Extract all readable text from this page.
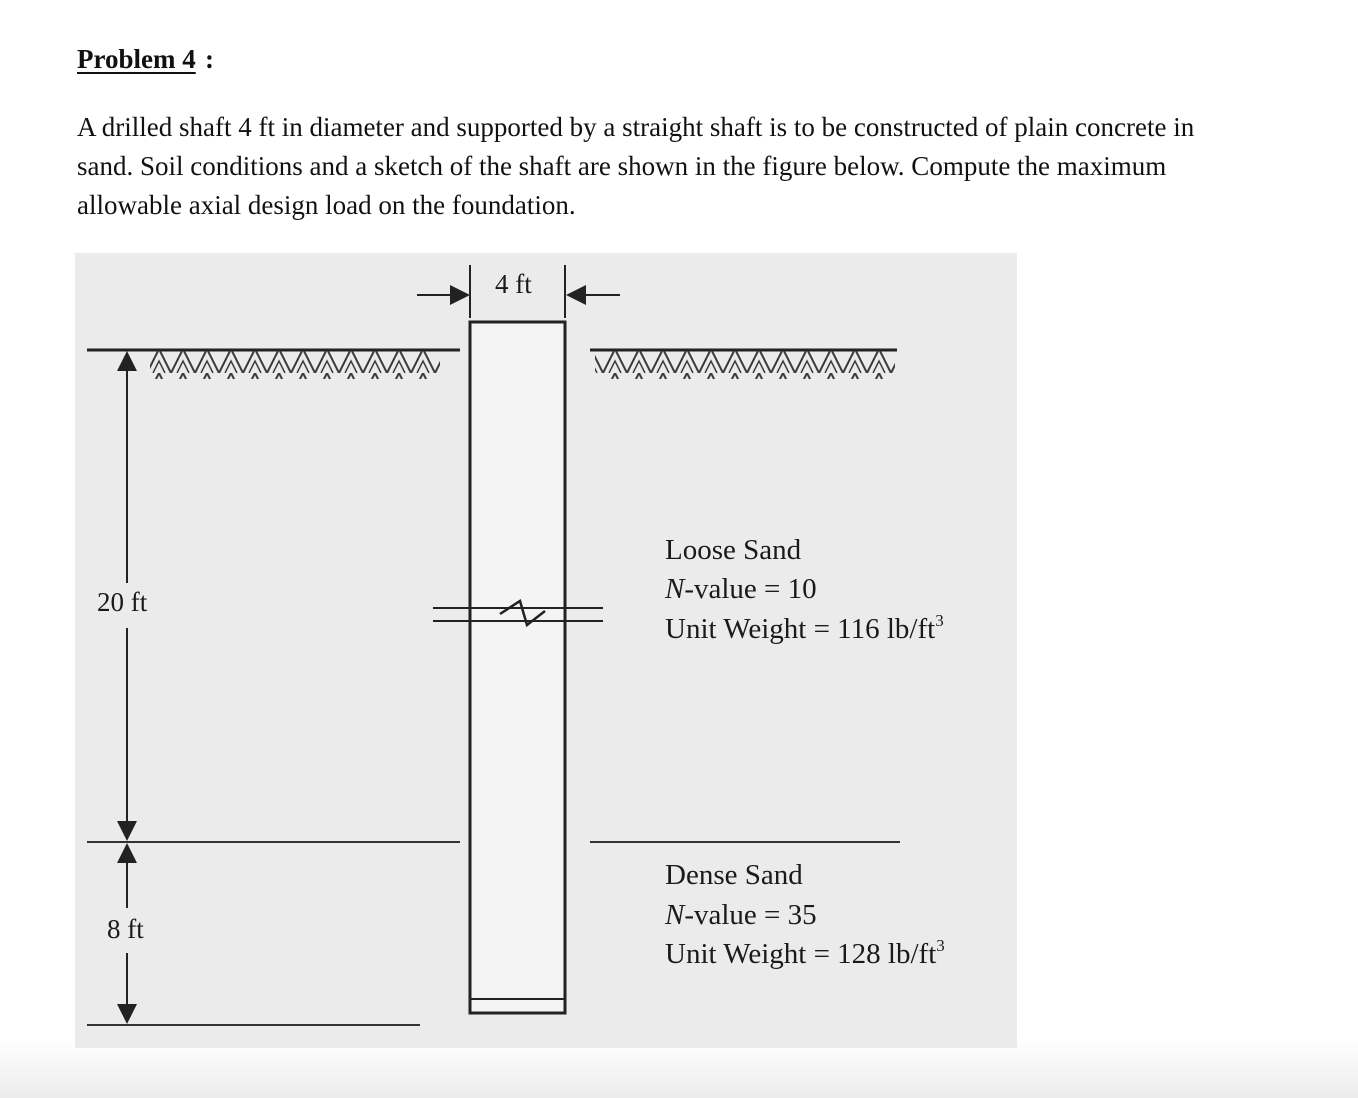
Problem 4 :

A drilled shaft 4 ft in diameter and supported by a straight shaft is to be constructed of plain concrete in
sand. Soil conditions and a sketch of the shaft are shown in the figure below. Compute the maximum
allowable axial design load on the foundation.

4 ft
20 ft
8 ft
Loose Sand
N-value = 10
Unit Weight = 116 $lb/ft^3$
Dense Sand
N-value = 35
Unit Weight = 128 $lb/ft^3$
